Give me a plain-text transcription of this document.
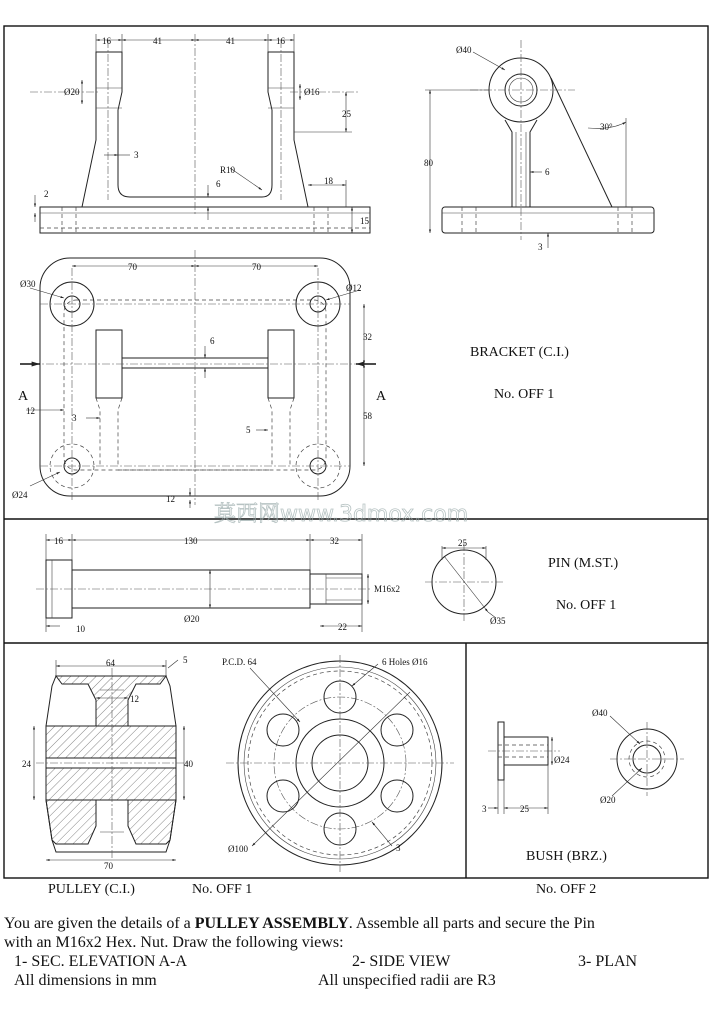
16	41	41	16
Ø20	Ø16
25
3
R10
6	18
2
15
Ø40
80
30°
6
3
A	A
Ø30
70	70
Ø12
32
6
58
12
3
5
Ø24	12
BRACKET (C.I.)
No. OFF 1
莫西网www.3dmox.com
16	130	32
M16x2
Ø20
10	22
25
Ø35
PIN (M.ST.)
No. OFF 1
64	5
12
24	40
70
P.C.D. 64	6 Holes Ø16
Ø100	3
PULLEY (C.I.)	No. OFF 1
Ø24
3	25
Ø40
Ø20
BUSH (BRZ.)
No. OFF 2
You are given the details of a PULLEY ASSEMBLY. Assemble all parts and secure the Pin
with an M16x2 Hex. Nut. Draw the following views:
1- SEC. ELEVATION A-A	2- SIDE VIEW	3- PLAN
All dimensions in mm	All unspecified radii are R3
